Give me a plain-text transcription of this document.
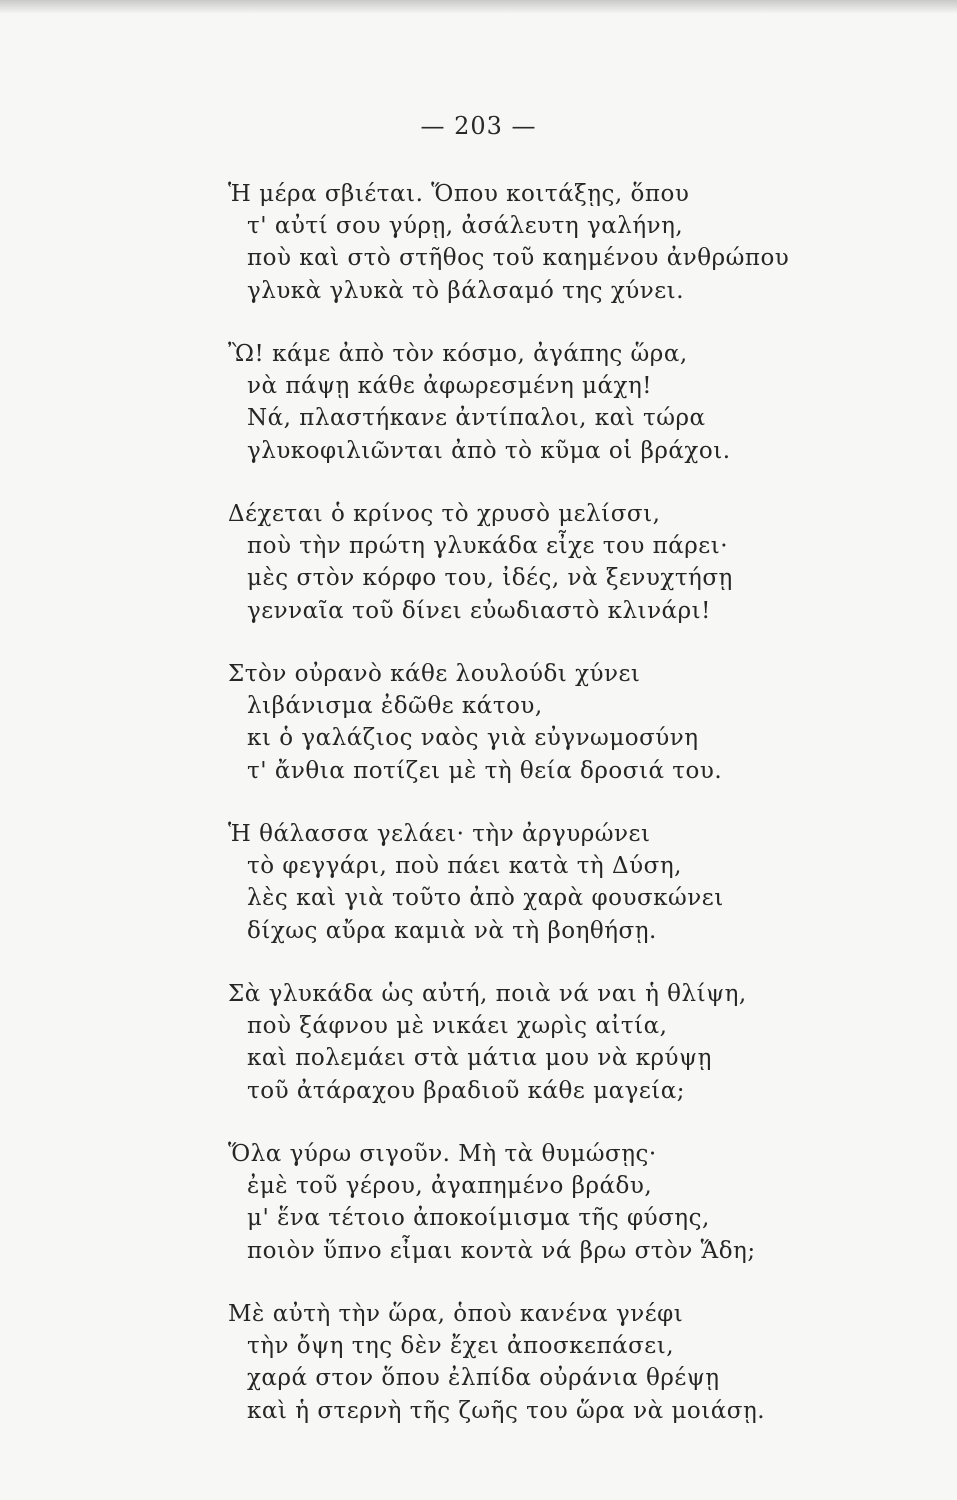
— 203 —
Ἡ μέρα σβιέται. Ὅπου κοιτάξῃς, ὅπου
τ' αὐτί σου γύρῃ, ἀσάλευτη γαλήνη,
ποὺ καὶ στὸ στῆθος τοῦ καημένου ἀνθρώπου
γλυκὰ γλυκὰ τὸ βάλσαμό της χύνει.
Ὢ! κάμε ἀπὸ τὸν κόσμο, ἀγάπης ὥρα,
νὰ πάψῃ κάθε ἀφωρεσμένη μάχη!
Νά, πλαστήκανε ἀντίπαλοι, καὶ τώρα
γλυκοφιλιῶνται ἀπὸ τὸ κῦμα οἱ βράχοι.
Δέχεται ὁ κρίνος τὸ χρυσὸ μελίσσι,
ποὺ τὴν πρώτη γλυκάδα εἶχε του πάρει·
μὲς στὸν κόρφο του, ἰδές, νὰ ξενυχτήσῃ
γενναῖα τοῦ δίνει εὐωδιαστὸ κλινάρι!
Στὸν οὐρανὸ κάθε λουλούδι χύνει
λιβάνισμα ἐδῶθε κάτου,
κι ὁ γαλάζιος ναὸς γιὰ εὐγνωμοσύνη
τ' ἄνθια ποτίζει μὲ τὴ θεία δροσιά του.
Ἡ θάλασσα γελάει· τὴν ἀργυρώνει
τὸ φεγγάρι, ποὺ πάει κατὰ τὴ Δύση,
λὲς καὶ γιὰ τοῦτο ἀπὸ χαρὰ φουσκώνει
δίχως αὔρα καμιὰ νὰ τὴ βοηθήσῃ.
Σὰ γλυκάδα ὡς αὐτή, ποιὰ νά ναι ἡ θλίψη,
ποὺ ξάφνου μὲ νικάει χωρὶς αἰτία,
καὶ πολεμάει στὰ μάτια μου νὰ κρύψῃ
τοῦ ἀτάραχου βραδιοῦ κάθε μαγεία;
Ὅλα γύρω σιγοῦν. Μὴ τὰ θυμώσῃς·
ἐμὲ τοῦ γέρου, ἀγαπημένο βράδυ,
μ' ἕνα τέτοιο ἀποκοίμισμα τῆς φύσης,
ποιὸν ὕπνο εἶμαι κοντὰ νά βρω στὸν Ἅδη;
Μὲ αὐτὴ τὴν ὥρα, ὁποὺ κανένα γνέφι
τὴν ὄψη της δὲν ἔχει ἀποσκεπάσει,
χαρά στον ὅπου ἐλπίδα οὐράνια θρέψῃ
καὶ ἡ στερνὴ τῆς ζωῆς του ὥρα νὰ μοιάσῃ.
